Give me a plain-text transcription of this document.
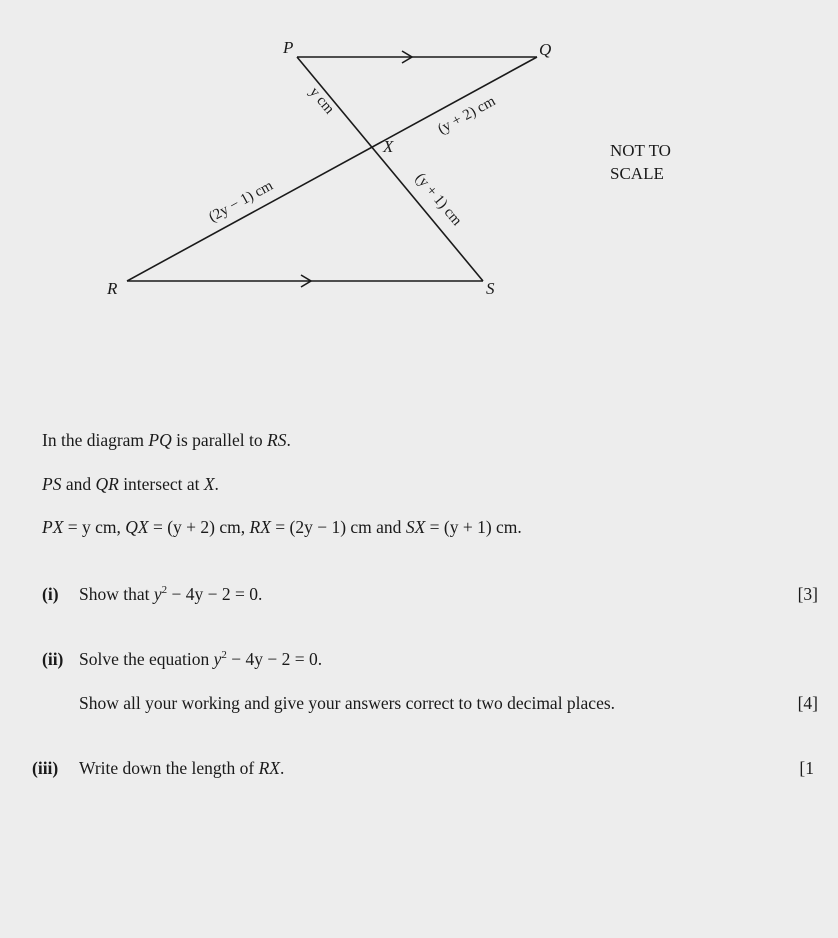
P	Q
R	S
X
y cm	(y + 2) cm
(2y − 1) cm	(y + 1) cm
NOT TO
SCALE
In the diagram PQ is parallel to RS.
PS and QR intersect at X.
PX = y cm, QX = (y + 2) cm, RX = (2y − 1) cm and SX = (y + 1) cm.
(i) Show that $y^2 - 4y - 2 = 0$.	[3]
(ii) Solve the equation $y^2 - 4y - 2 = 0$.
Show all your working and give your answers correct to two decimal places.	[4]
(iii) Write down the length of RX.	[1
